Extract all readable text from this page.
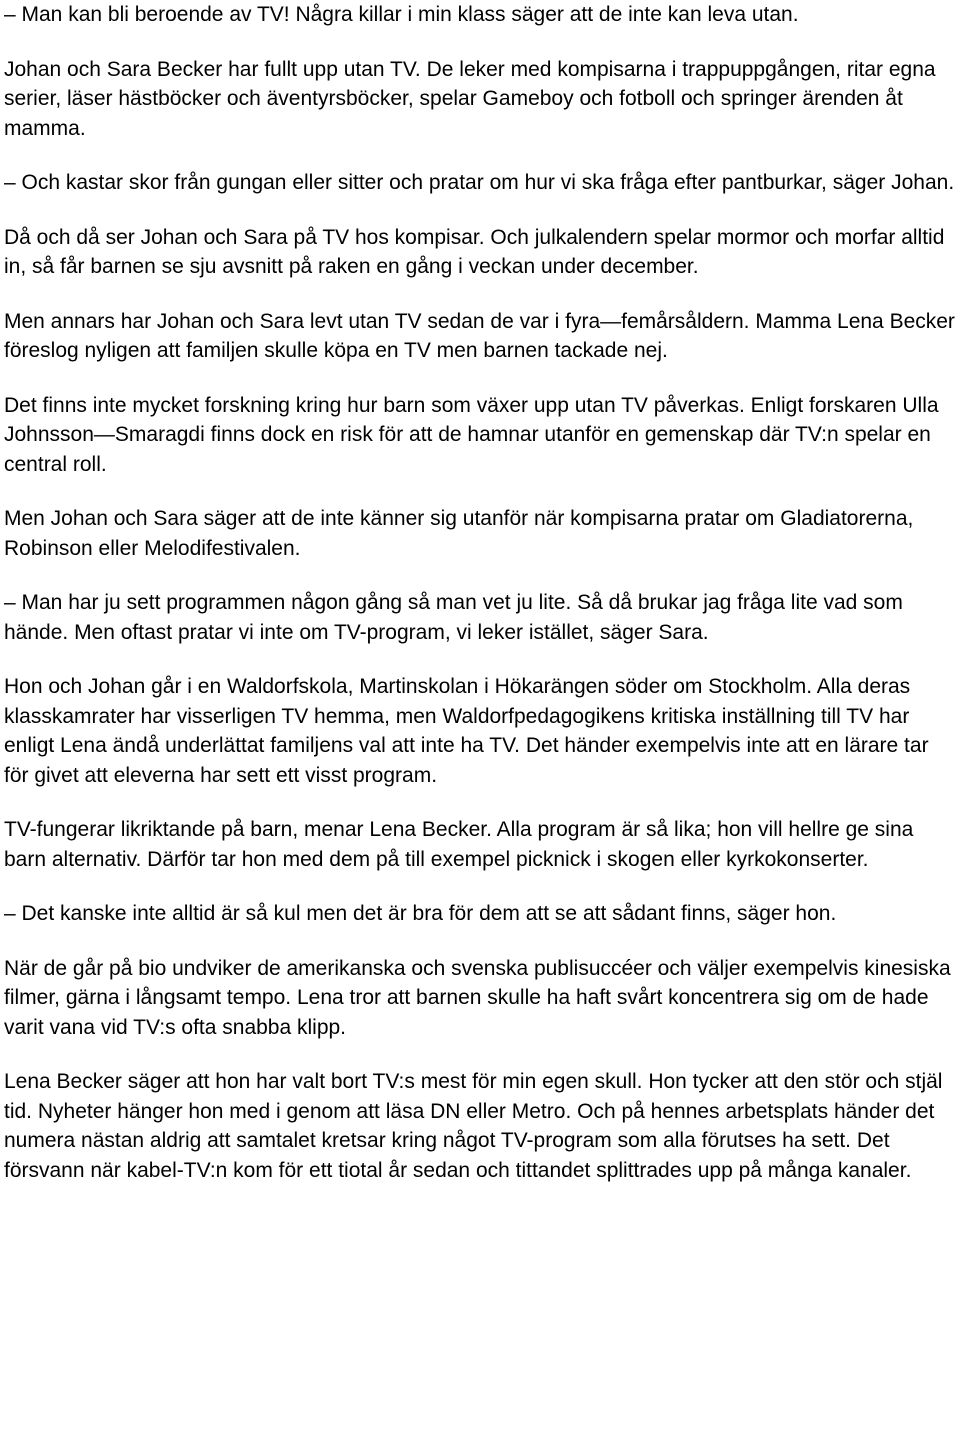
– Man kan bli beroende av TV! Några killar i min klass säger att de inte kan leva utan.

Johan och Sara Becker har fullt upp utan TV. De leker med kompisarna i trappuppgången, ritar egna serier, läser hästböcker och äventyrsböcker, spelar Gameboy och fotboll och springer ärenden åt mamma.

– Och kastar skor från gungan eller sitter och pratar om hur vi ska fråga efter pantburkar, säger Johan.

Då och då ser Johan och Sara på TV hos kompisar. Och julkalendern spelar mormor och morfar alltid in, så får barnen se sju avsnitt på raken en gång i veckan under december.

Men annars har Johan och Sara levt utan TV sedan de var i fyra—femårsåldern. Mamma Lena Becker föreslog nyligen att familjen skulle köpa en TV men barnen tackade nej.

Det finns inte mycket forskning kring hur barn som växer upp utan TV påverkas. Enligt forskaren Ulla Johnsson—Smaragdi finns dock en risk för att de hamnar utanför en gemenskap där TV:n spelar en central roll.

Men Johan och Sara säger att de inte känner sig utanför när kompisarna pratar om Gladiatorerna, Robinson eller Melodifestivalen.

– Man har ju sett programmen någon gång så man vet ju lite. Så då brukar jag fråga lite vad som hände. Men oftast pratar vi inte om TV-program, vi leker istället, säger Sara.

Hon och Johan går i en Waldorfskola, Martinskolan i Hökarängen söder om Stockholm. Alla deras klasskamrater har visserligen TV hemma, men Waldorfpedagogikens kritiska inställning till TV har enligt Lena ändå underlättat familjens val att inte ha TV. Det händer exempelvis inte att en lärare tar för givet att eleverna har sett ett visst program.

TV-fungerar likriktande på barn, menar Lena Becker. Alla program är så lika; hon vill hellre ge sina barn alternativ. Därför tar hon med dem på till exempel picknick i skogen eller kyrkokonserter.

– Det kanske inte alltid är så kul men det är bra för dem att se att sådant finns, säger hon.

När de går på bio undviker de amerikanska och svenska publisuccéer och väljer exempelvis kinesiska filmer, gärna i långsamt tempo. Lena tror att barnen skulle ha haft svårt koncentrera sig om de hade varit vana vid TV:s ofta snabba klipp.

Lena Becker säger att hon har valt bort TV:s mest för min egen skull. Hon tycker att den stör och stjäl tid. Nyheter hänger hon med i genom att läsa DN eller Metro. Och på hennes arbetsplats händer det numera nästan aldrig att samtalet kretsar kring något TV-program som alla förutses ha sett. Det försvann när kabel-TV:n kom för ett tiotal år sedan och tittandet splittrades upp på många kanaler.
